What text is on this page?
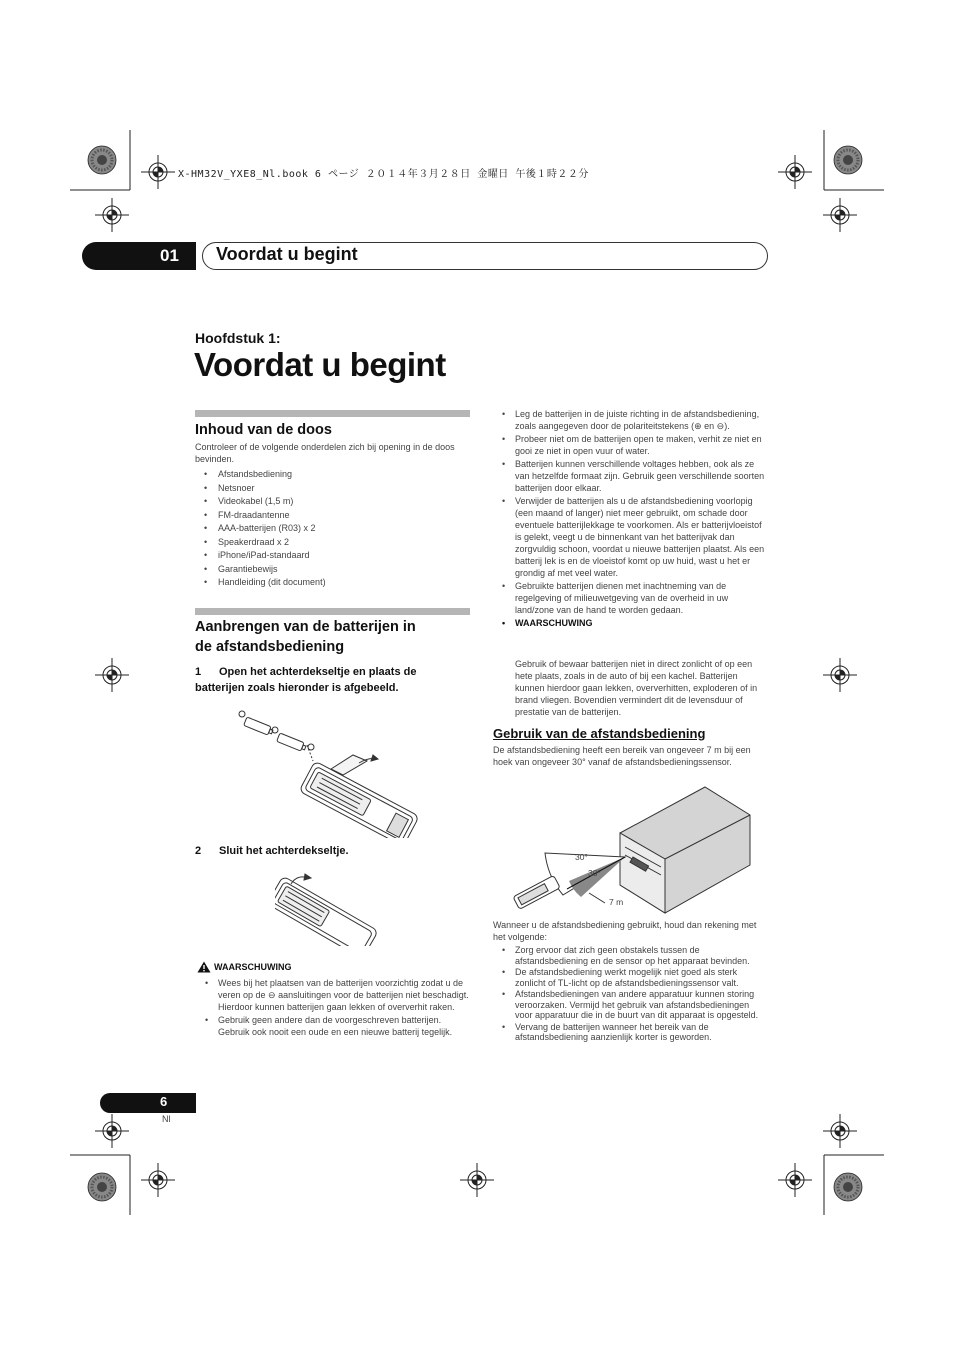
X-HM32V_YXE8_Nl.book 6 ページ ２０１４年３月２８日 金曜日 午後１時２２分
01 Voordat u begint
Hoofdstuk 1:
Voordat u begint
Inhoud van de doos
Controleer of de volgende onderdelen zich bij opening in de doos bevinden.
• Afstandsbediening
• Netsnoer
• Videokabel (1,5 m)
• FM-draadantenne
• AAA-batterijen (R03) x 2
• Speakerdraad x 2
• iPhone/iPad-standaard
• Garantiebewijs
• Handleiding (dit document)
Aanbrengen van de batterijen in
de afstandsbediening
1 Open het achterdekseltje en plaats de
batterijen zoals hieronder is afgebeeld.
2 Sluit het achterdekseltje.
WAARSCHUWING
• Wees bij het plaatsen van de batterijen voorzichtig zodat u de veren op de ⊖ aansluitingen voor de batterijen niet beschadigt. Hierdoor kunnen batterijen gaan lekken of oververhit raken.
• Gebruik geen andere dan de voorgeschreven batterijen. Gebruik ook nooit een oude en een nieuwe batterij tegelijk.
• Leg de batterijen in de juiste richting in de afstandsbediening, zoals aangegeven door de polariteitstekens (⊕ en ⊖).
• Probeer niet om de batterijen open te maken, verhit ze niet en gooi ze niet in open vuur of water.
• Batterijen kunnen verschillende voltages hebben, ook als ze van hetzelfde formaat zijn. Gebruik geen verschillende soorten batterijen door elkaar.
• Verwijder de batterijen als u de afstandsbediening voorlopig (een maand of langer) niet meer gebruikt, om schade door eventuele batterijlekkage te voorkomen. Als er batterijvloeistof is gelekt, veegt u de binnenkant van het batterijvak dan zorgvuldig schoon, voordat u nieuwe batterijen plaatst. Als een batterij lek is en de vloeistof komt op uw huid, wast u het er grondig af met veel water.
• Gebruikte batterijen dienen met inachtneming van de regelgeving of milieuwetgeving van de overheid in uw land/zone van de hand te worden gedaan.
• WAARSCHUWING
Gebruik of bewaar batterijen niet in direct zonlicht of op een hete plaats, zoals in de auto of bij een kachel. Batterijen kunnen hierdoor gaan lekken, oververhitten, exploderen of in brand vliegen. Bovendien vermindert dit de levensduur of prestatie van de batterijen.
Gebruik van de afstandsbediening
De afstandsbediening heeft een bereik van ongeveer 7 m bij een hoek van ongeveer 30° vanaf de afstandsbedieningssensor.
30°
30°
7 m
Wanneer u de afstandsbediening gebruikt, houd dan rekening met het volgende:
• Zorg ervoor dat zich geen obstakels tussen de afstandsbediening en de sensor op het apparaat bevinden.
• De afstandsbediening werkt mogelijk niet goed als sterk zonlicht of TL-licht op de afstandsbedieningssensor valt.
• Afstandsbedieningen van andere apparatuur kunnen storing veroorzaken. Vermijd het gebruik van afstandsbedieningen voor apparatuur die in de buurt van dit apparaat is opgesteld.
• Vervang de batterijen wanneer het bereik van de afstandsbediening aanzienlijk korter is geworden.
6
Nl
